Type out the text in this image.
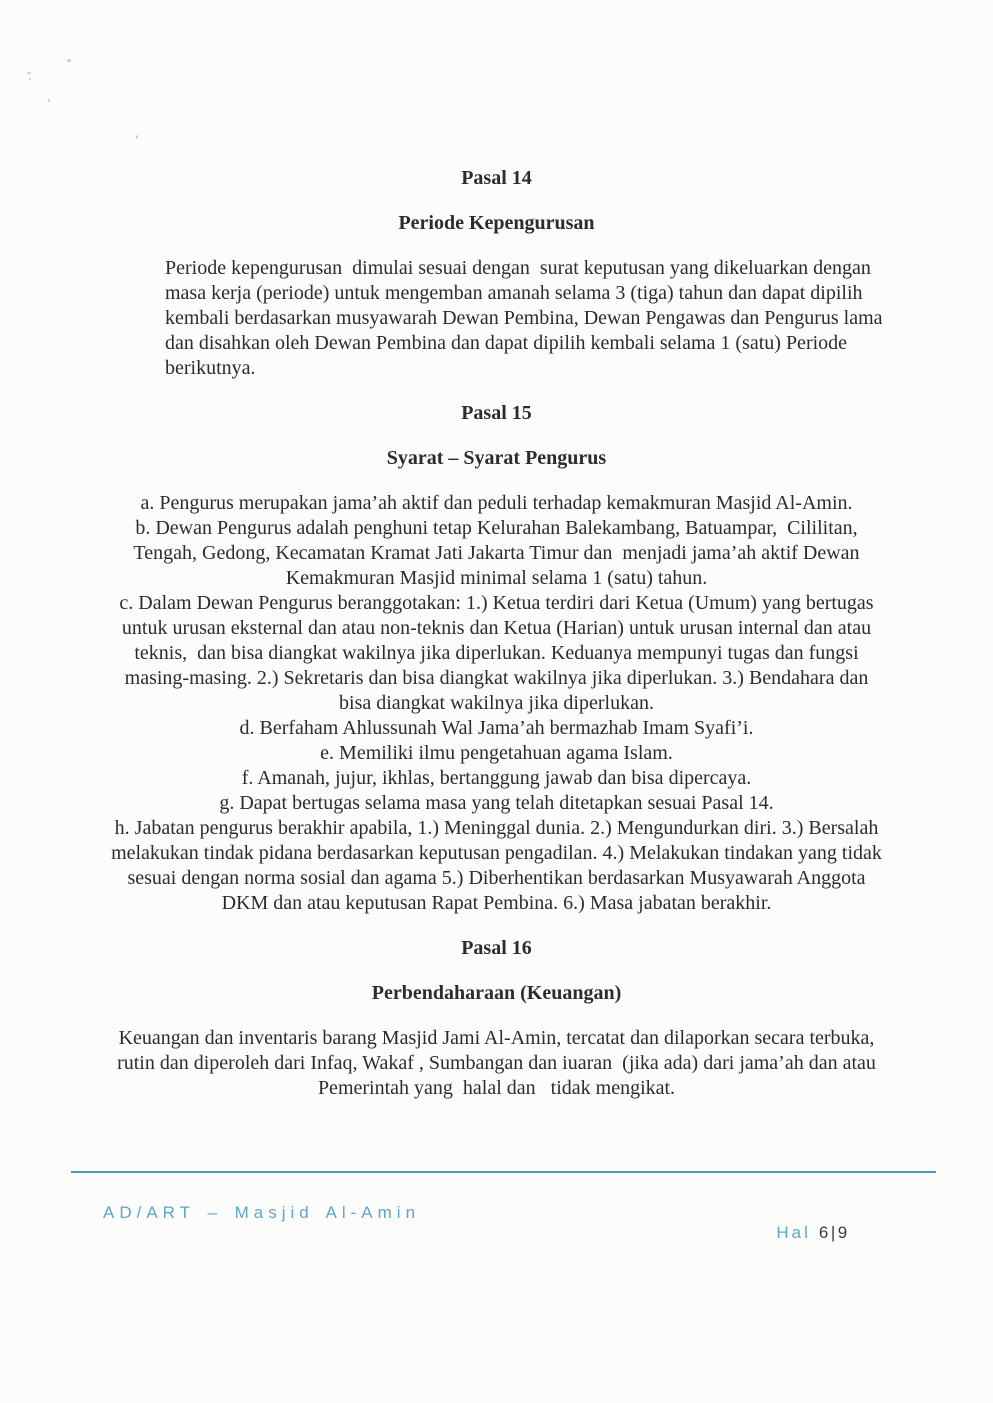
Pasal 14
Periode Kepengurusan
Periode kepengurusan  dimulai sesuai dengan  surat keputusan yang dikeluarkan dengan
masa kerja (periode) untuk mengemban amanah selama 3 (tiga) tahun dan dapat dipilih
kembali berdasarkan musyawarah Dewan Pembina, Dewan Pengawas dan Pengurus lama
dan disahkan oleh Dewan Pembina dan dapat dipilih kembali selama 1 (satu) Periode
berikutnya.
Pasal 15
Syarat – Syarat Pengurus
a. Pengurus merupakan jama’ah aktif dan peduli terhadap kemakmuran Masjid Al-Amin.
b. Dewan Pengurus adalah penghuni tetap Kelurahan Balekambang, Batuampar,  Cililitan,
Tengah, Gedong, Kecamatan Kramat Jati Jakarta Timur dan  menjadi jama’ah aktif Dewan
Kemakmuran Masjid minimal selama 1 (satu) tahun.
c. Dalam Dewan Pengurus beranggotakan: 1.) Ketua terdiri dari Ketua (Umum) yang bertugas
untuk urusan eksternal dan atau non-teknis dan Ketua (Harian) untuk urusan internal dan atau
teknis,  dan bisa diangkat wakilnya jika diperlukan. Keduanya mempunyi tugas dan fungsi
masing-masing. 2.) Sekretaris dan bisa diangkat wakilnya jika diperlukan. 3.) Bendahara dan
bisa diangkat wakilnya jika diperlukan.
d. Berfaham Ahlussunah Wal Jama’ah bermazhab Imam Syafi’i.
e. Memiliki ilmu pengetahuan agama Islam.
f. Amanah, jujur, ikhlas, bertanggung jawab dan bisa dipercaya.
g. Dapat bertugas selama masa yang telah ditetapkan sesuai Pasal 14.
h. Jabatan pengurus berakhir apabila, 1.) Meninggal dunia. 2.) Mengundurkan diri. 3.) Bersalah
melakukan tindak pidana berdasarkan keputusan pengadilan. 4.) Melakukan tindakan yang tidak
sesuai dengan norma sosial dan agama 5.) Diberhentikan berdasarkan Musyawarah Anggota
DKM dan atau keputusan Rapat Pembina. 6.) Masa jabatan berakhir.
Pasal 16
Perbendaharaan (Keuangan)
Keuangan dan inventaris barang Masjid Jami Al-Amin, tercatat dan dilaporkan secara terbuka,
rutin dan diperoleh dari Infaq, Wakaf , Sumbangan dan iuaran  (jika ada) dari jama’ah dan atau
Pemerintah yang  halal dan   tidak mengikat.
AD/ART – Masjid Al-Amin

Hal 6|9
